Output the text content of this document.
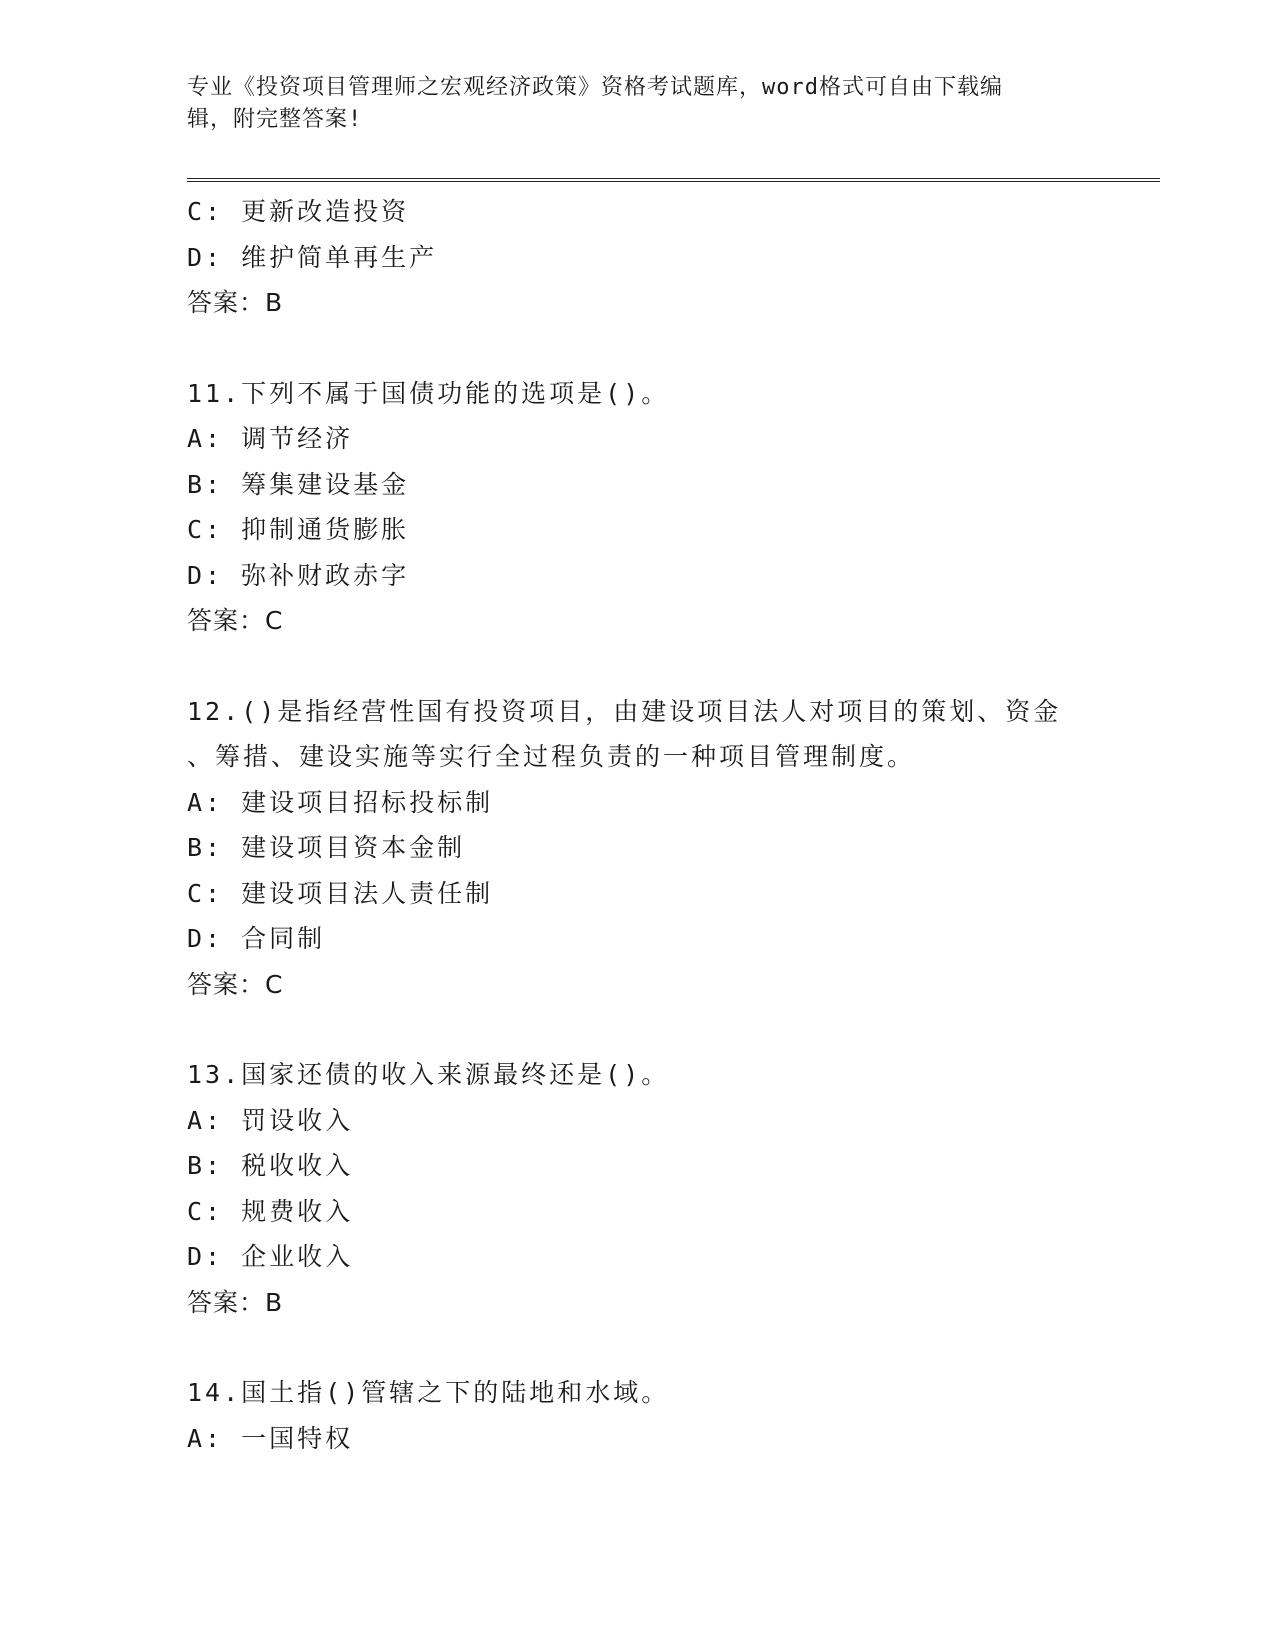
专业《投资项目管理师之宏观经济政策》资格考试题库，word格式可自由下载编
辑，附完整答案!
C: 更新改造投资
D: 维护简单再生产
答案：B
11.下列不属于国债功能的选项是()。
A: 调节经济
B: 筹集建设基金
C: 抑制通货膨胀
D: 弥补财政赤字
答案：C
12.()是指经营性国有投资项目，由建设项目法人对项目的策划、资金
、筹措、建设实施等实行全过程负责的一种项目管理制度。
A: 建设项目招标投标制
B: 建设项目资本金制
C: 建设项目法人责任制
D: 合同制
答案：C
13.国家还债的收入来源最终还是()。
A: 罚设收入
B: 税收收入
C: 规费收入
D: 企业收入
答案：B
14.国土指()管辖之下的陆地和水域。
A: 一国特权
